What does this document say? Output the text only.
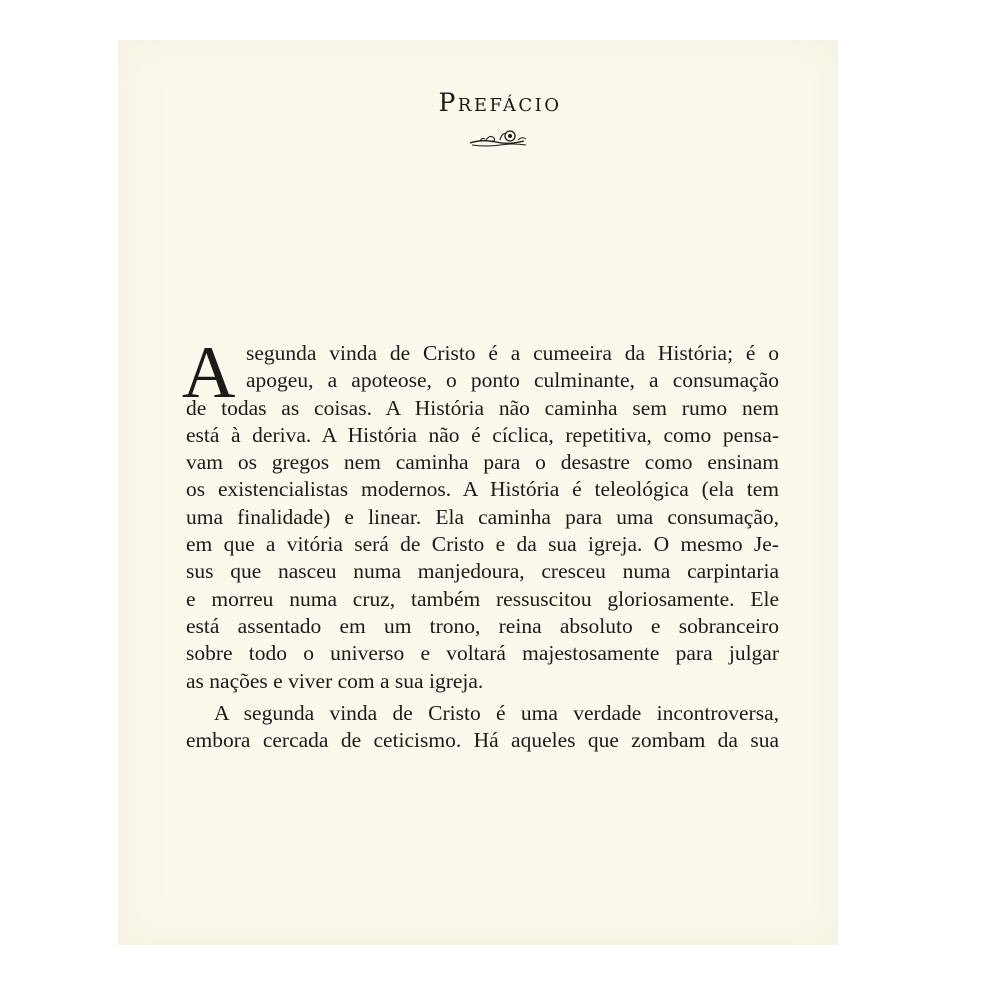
Prefácio
A segunda vinda de Cristo é a cumeeira da História; é o
apogeu, a apoteose, o ponto culminante, a consumação
de todas as coisas. A História não caminha sem rumo nem
está à deriva. A História não é cíclica, repetitiva, como pensa-
vam os gregos nem caminha para o desastre como ensinam
os existencialistas modernos. A História é teleológica (ela tem
uma finalidade) e linear. Ela caminha para uma consumação,
em que a vitória será de Cristo e da sua igreja. O mesmo Je-
sus que nasceu numa manjedoura, cresceu numa carpintaria
e morreu numa cruz, também ressuscitou gloriosamente. Ele
está assentado em um trono, reina absoluto e sobranceiro
sobre todo o universo e voltará majestosamente para julgar
as nações e viver com a sua igreja.
A segunda vinda de Cristo é uma verdade incontroversa,
embora cercada de ceticismo. Há aqueles que zombam da sua
